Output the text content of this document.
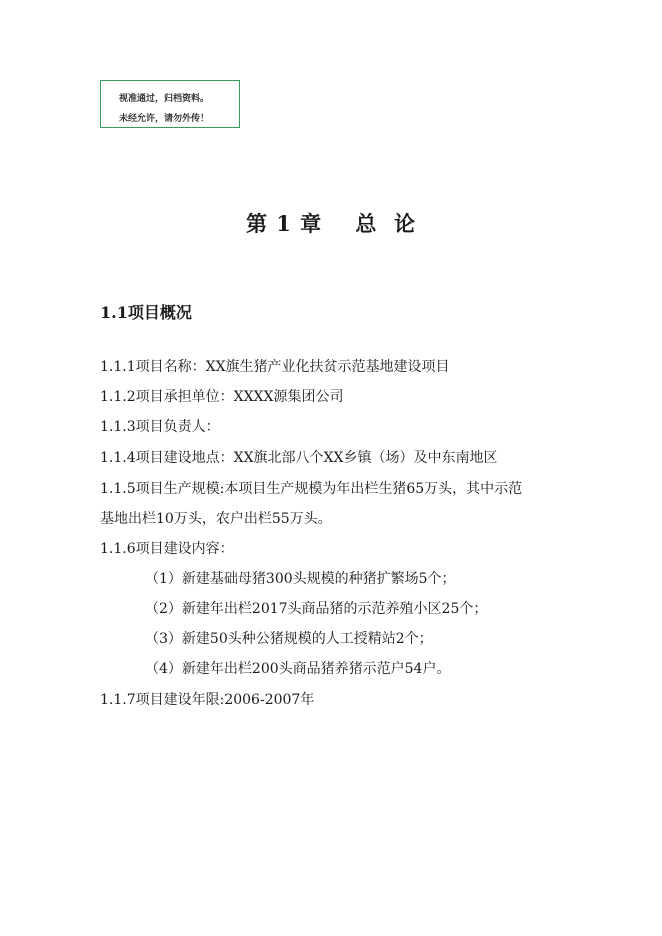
视准通过，归档资料。
未经允许，请勿外传！
第 1 章    总  论
1.1项目概况
1.1.1项目名称：XX旗生猪产业化扶贫示范基地建设项目
1.1.2项目承担单位：XXXX源集团公司
1.1.3项目负责人：
1.1.4项目建设地点：XX旗北部八个XX乡镇（场）及中东南地区
1.1.5项目生产规模:本项目生产规模为年出栏生猪65万头，其中示范
基地出栏10万头，农户出栏55万头。
1.1.6项目建设内容：
（1）新建基础母猪300头规模的种猪扩繁场5个；
（2）新建年出栏2017头商品猪的示范养殖小区25个；
（3）新建50头种公猪规模的人工授精站2个；
（4）新建年出栏200头商品猪养猪示范户54户。
1.1.7项目建设年限:2006-2007年
